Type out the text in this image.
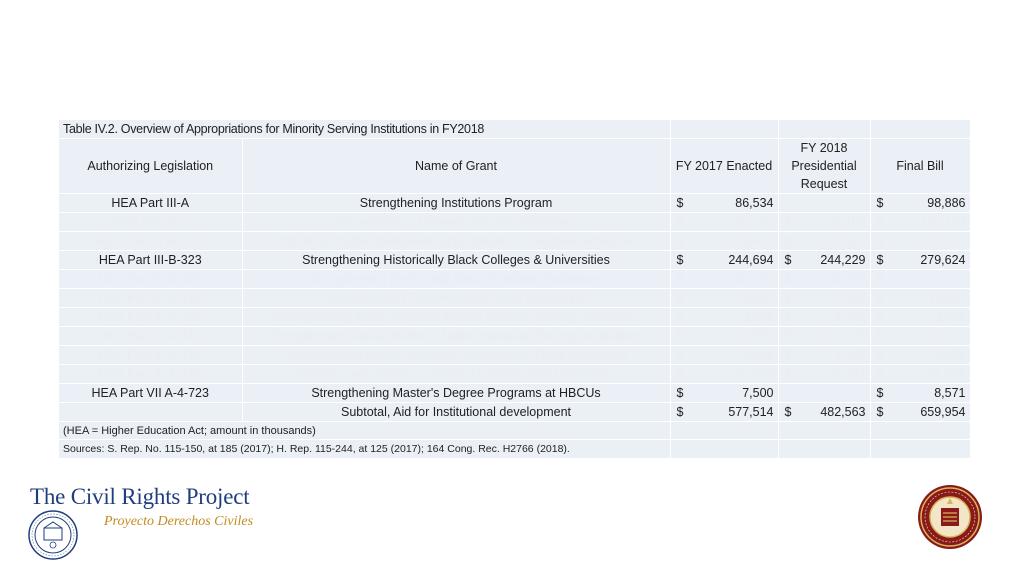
Table IV.2. Overview of Appropriations for Minority Serving Institutions in FY2018				
Authorizing Legislation	Name of Grant	FY 2017 Enacted	FY 2018 Presidential Request	Final Bill
HEA Part III-A	Strengthening Institutions Program	$ 86,534		$ 98,886

HEA Part V-A	Strengthening Hispanic-Serving Institutions	$ 107,795	$ 107,100	$ 123,183

HEA Part V, Bc 512	Promoting Postbaccalaureate Opportunities for Hispanic Americans	$ 9,671	$ 9,616	$ 11,052

HEA Part III-B-323	Strengthening Historically Black Colleges & Universities	$ 244,694	$ 244,229	$ 279,624

HEA Part III-B-326	Strengthening Historically Black Graduate Institutions	$ 63,281	$ 63,159	$ 72,314

HEA Part III-A-318	Strengthening Predominantly Black Institutions	$ 9,942	$ 9,923	$ 11,361

HEA Part III-A-320	Strengthening Asian American-Pacific Islander-Serving Institutions	$ 3,348	$ 3,342	$ 3,826

HEA Part III-A-317	Strengthening Alaska Native & Native Hawaiian-Serving Institutions	$ 13,802	$ 13,776	$ 15,772

HEA Part III-A-319	Strengthening Native American-Serving Non-Tribal Institutions	$ 3,348	$ 3,342	$ 3,826

HEA Part III-A-316	Strengthening Tribally Controlled Colleges and Universities	$ 27,599	$ 27,547	$ 31,538

HEA Part VII A-4-723	Strengthening Master's Degree Programs at HBCUs	$ 7,500		$ 8,571

	Subtotal, Aid for Institutional development	$ 577,514	$ 482,563	$ 659,954

(HEA = Higher Education Act; amount in thousands)				
Sources: S. Rep. No. 115-150, at 185 (2017); H. Rep. 115-244, at 125 (2017); 164 Cong. Rec. H2766 (2018).				
The Civil Rights Project
Proyecto Derechos Civiles
